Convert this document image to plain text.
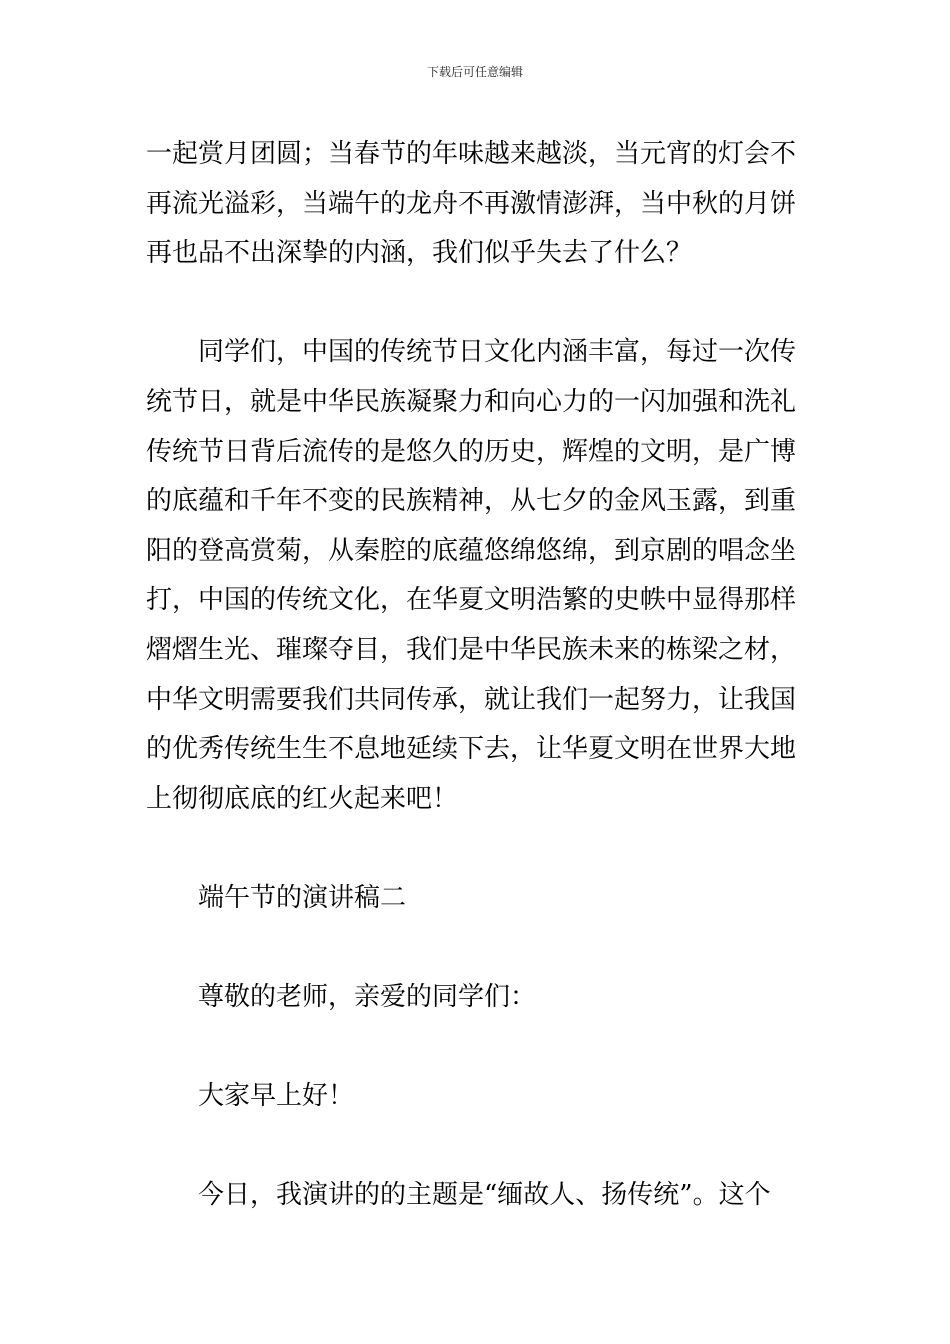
下载后可任意编辑
一起赏月团圆；当春节的年味越来越淡，当元宵的灯会不
再流光溢彩，当端午的龙舟不再激情澎湃，当中秋的月饼
再也品不出深挚的内涵，我们似乎失去了什么？
同学们，中国的传统节日文化内涵丰富，每过一次传
统节日，就是中华民族凝聚力和向心力的一闪加强和洗礼
传统节日背后流传的是悠久的历史，辉煌的文明，是广博
的底蕴和千年不变的民族精神，从七夕的金风玉露，到重
阳的登高赏菊，从秦腔的底蕴悠绵悠绵，到京剧的唱念坐
打，中国的传统文化，在华夏文明浩繁的史帙中显得那样
熠熠生光、璀璨夺目，我们是中华民族未来的栋梁之材，
中华文明需要我们共同传承，就让我们一起努力，让我国
的优秀传统生生不息地延续下去，让华夏文明在世界大地
上彻彻底底的红火起来吧！
端午节的演讲稿二
尊敬的老师，亲爱的同学们：
大家早上好！
今日，我演讲的的主题是“缅故人、扬传统”。这个
